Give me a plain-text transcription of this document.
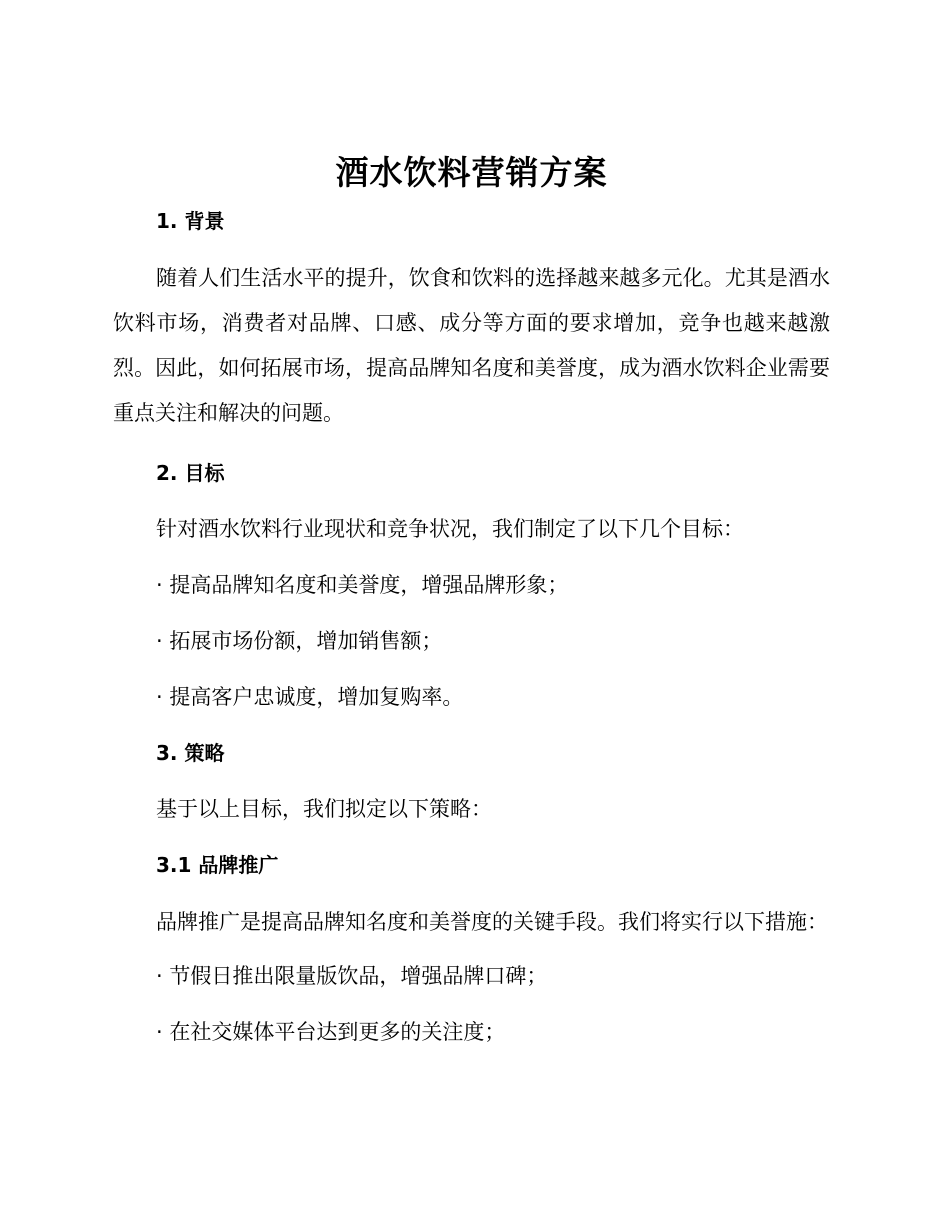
酒水饮料营销方案
1. 背景

随着人们生活水平的提升，饮食和饮料的选择越来越多元化。尤其是酒水饮料市场，消费者对品牌、口感、成分等方面的要求增加，竞争也越来越激烈。因此，如何拓展市场，提高品牌知名度和美誉度，成为酒水饮料企业需要重点关注和解决的问题。

2. 目标
针对酒水饮料行业现状和竞争状况，我们制定了以下几个目标：
· 提高品牌知名度和美誉度，增强品牌形象；
· 拓展市场份额，增加销售额；
· 提高客户忠诚度，增加复购率。
3. 策略
基于以上目标，我们拟定以下策略：
3.1 品牌推广

品牌推广是提高品牌知名度和美誉度的关键手段。我们将实行以下措施：

· 节假日推出限量版饮品，增强品牌口碑；
· 在社交媒体平台达到更多的关注度；
